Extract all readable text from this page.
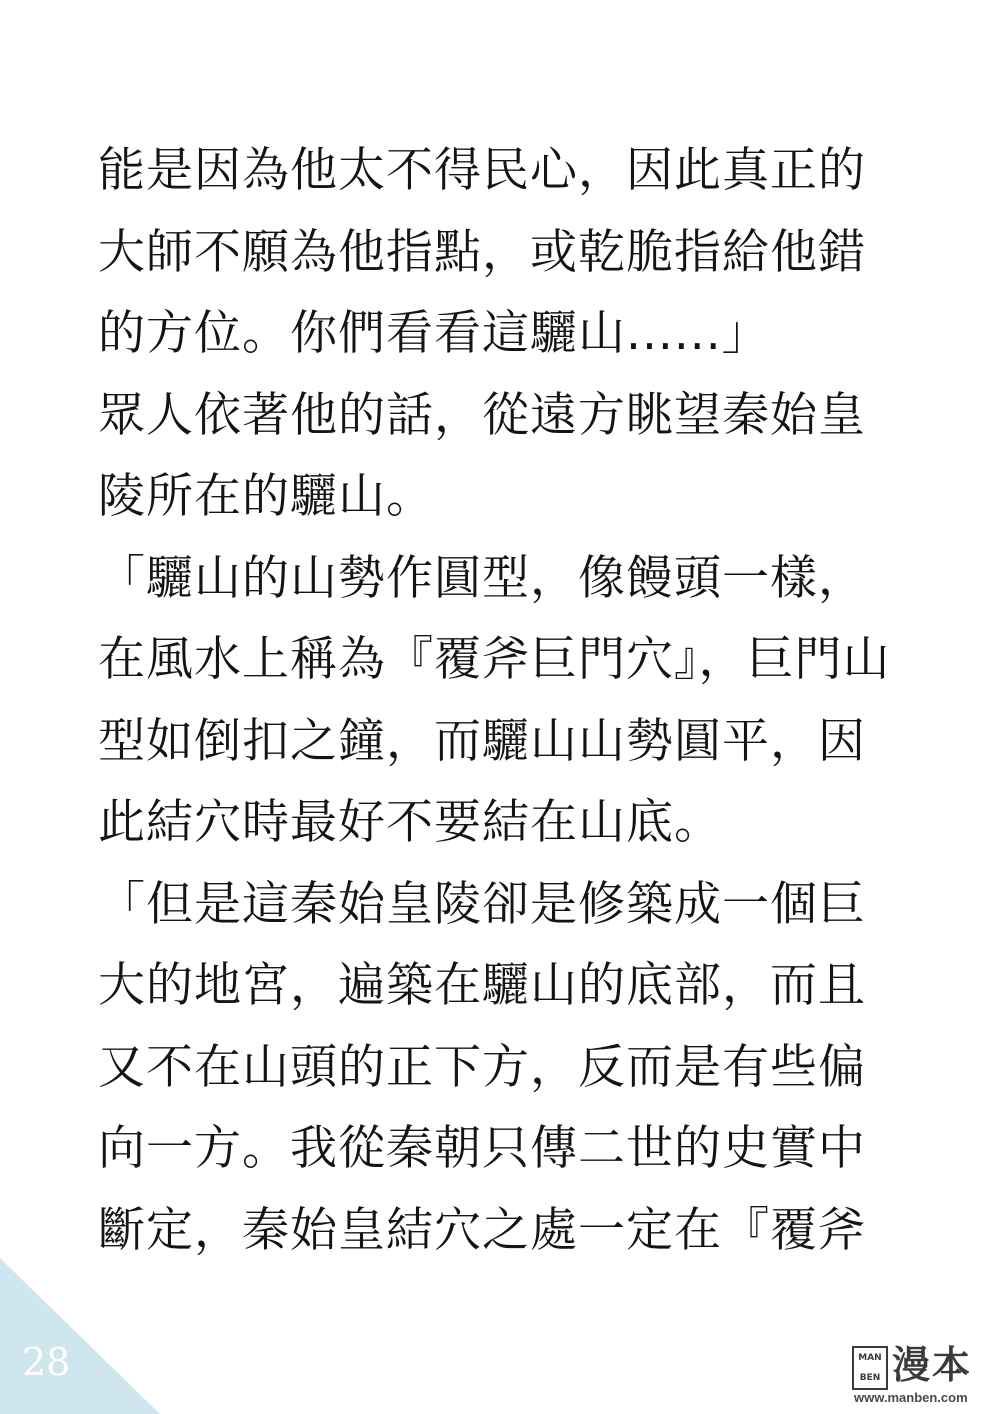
能是因為他太不得民心，因此真正的
大師不願為他指點，或乾脆指給他錯
的方位。你們看看這驪山......」
眾人依著他的話，從遠方眺望秦始皇
陵所在的驪山。
「驪山的山勢作圓型，像饅頭一樣，
在風水上稱為『覆斧巨門穴』，巨門山
型如倒扣之鐘，而驪山山勢圓平，因
此結穴時最好不要結在山底。
「但是這秦始皇陵卻是修築成一個巨
大的地宮，遍築在驪山的底部，而且
又不在山頭的正下方，反而是有些偏
向一方。我從秦朝只傳二世的史實中
斷定，秦始皇結穴之處一定在『覆斧
28	MAN BEN 漫本
www.manben.com
